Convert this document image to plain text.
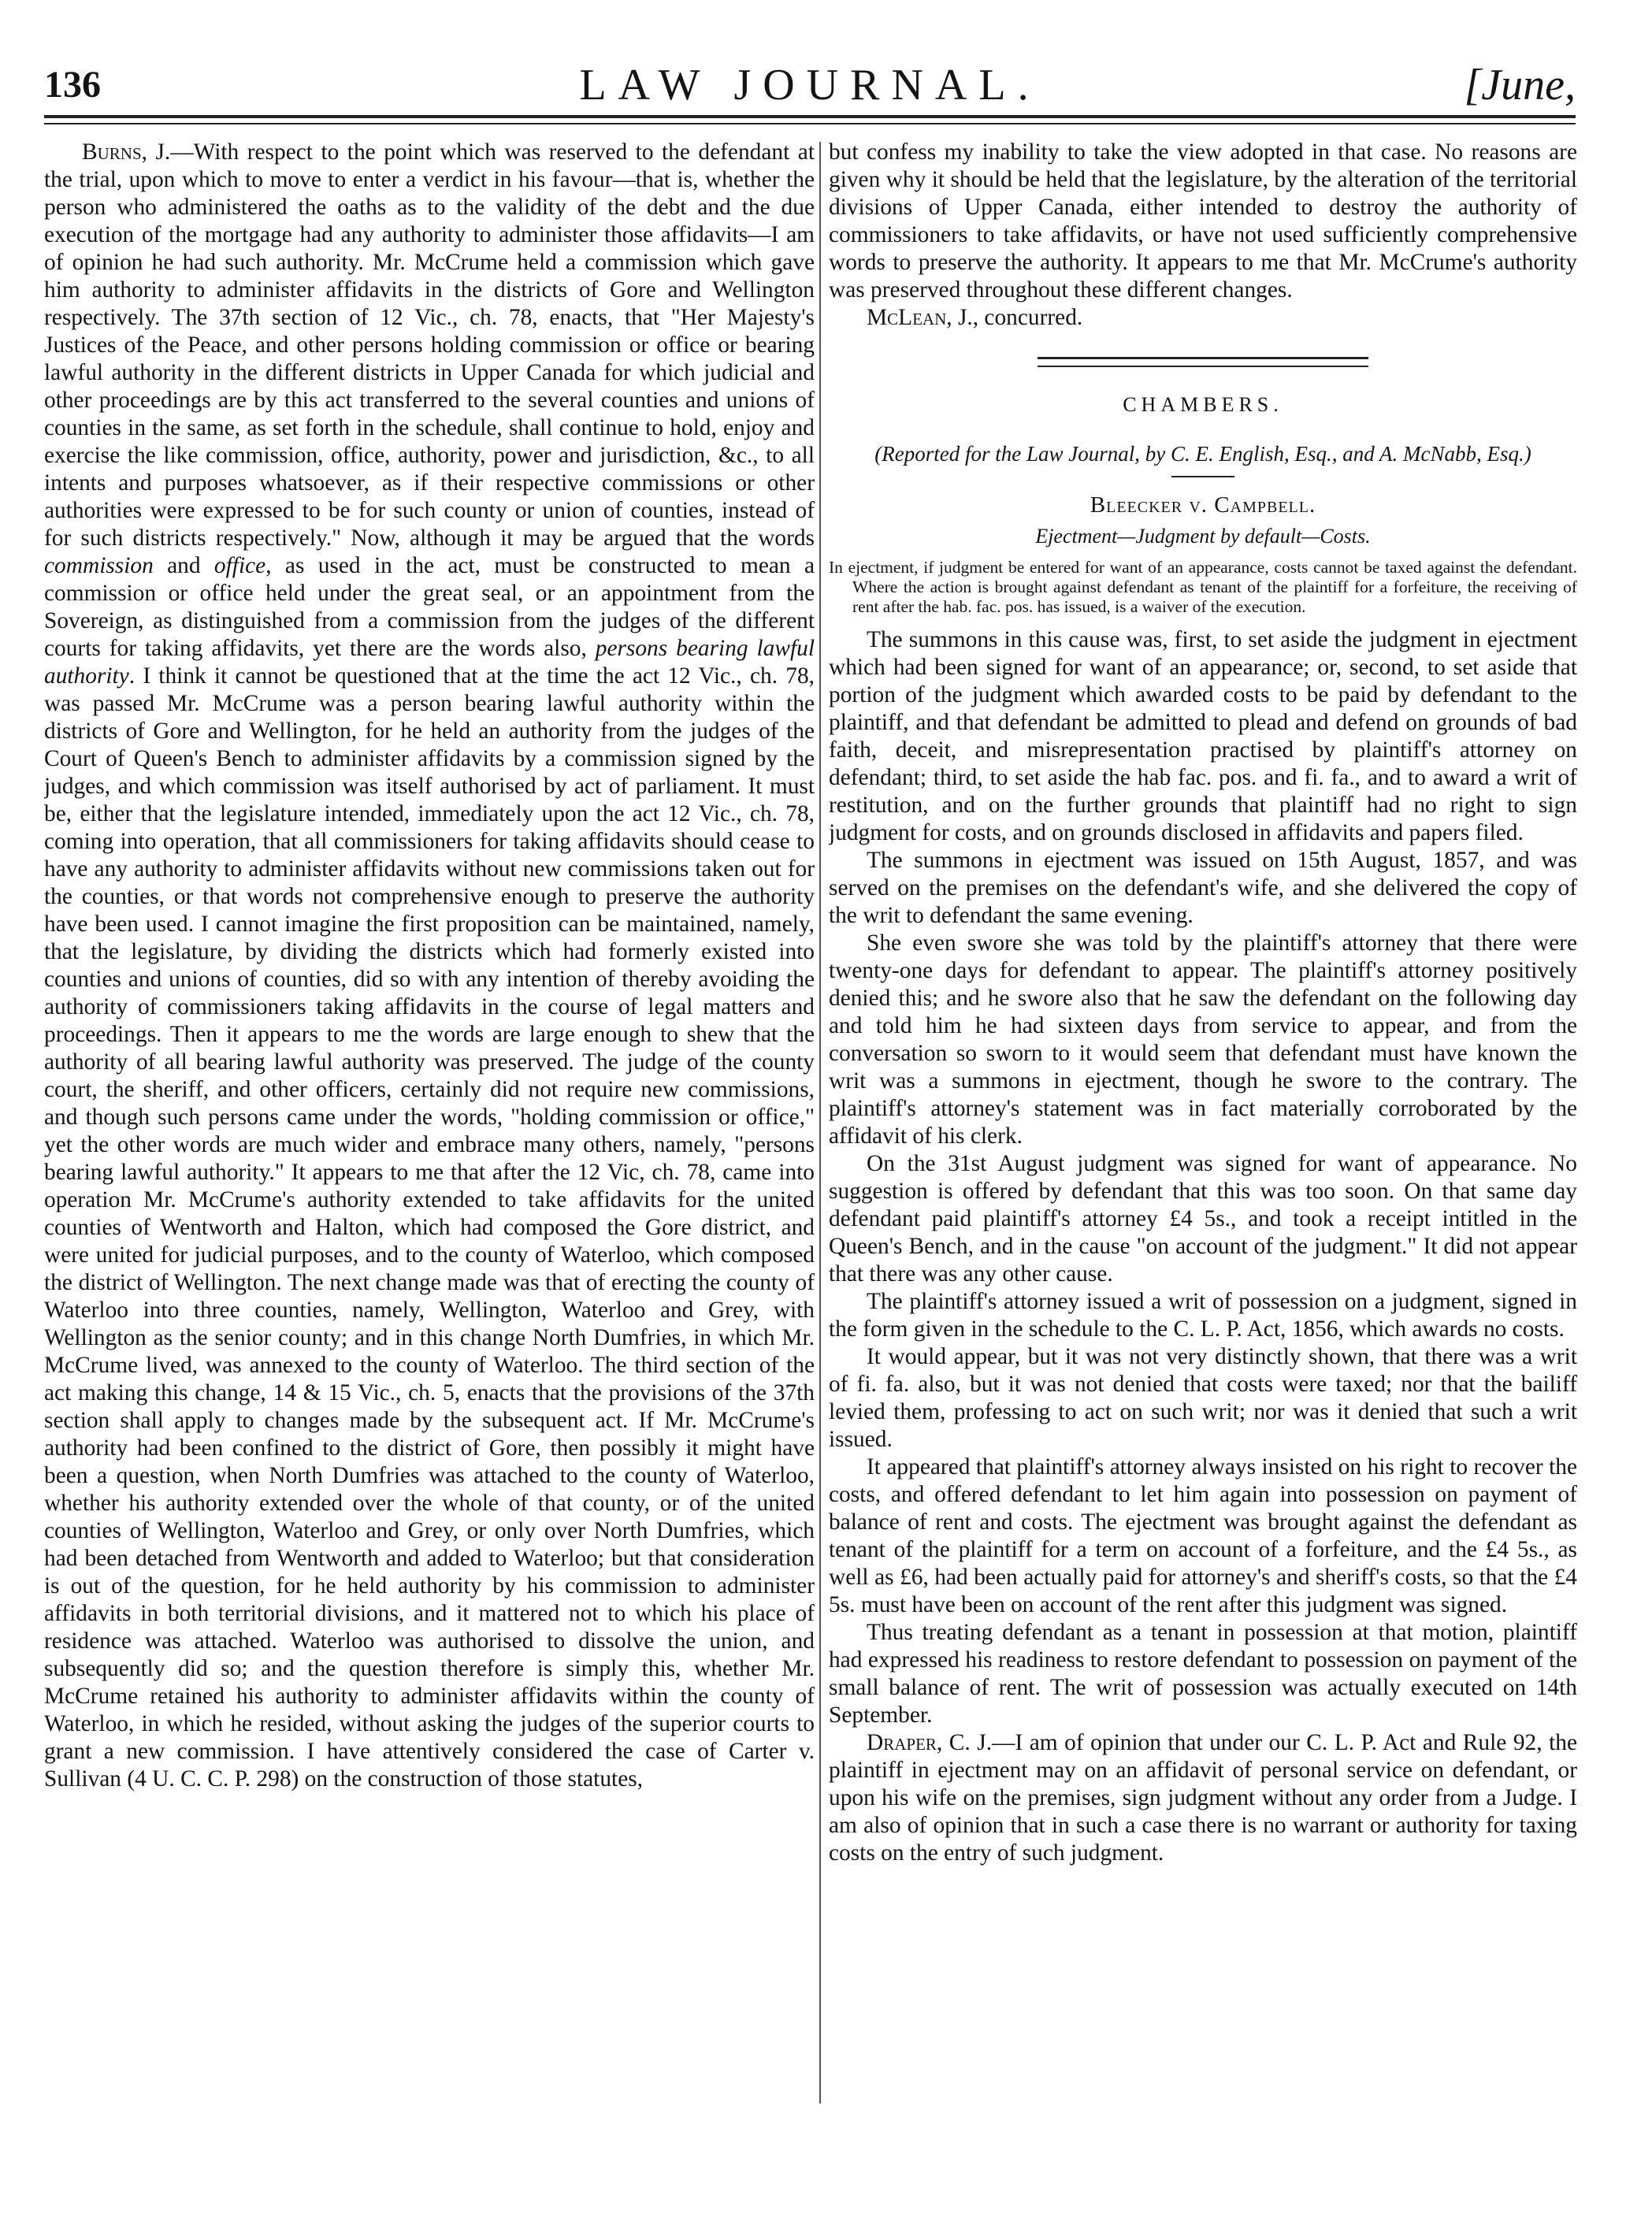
136	LAW JOURNAL.	[June,

Burns, J.—With respect to the point which was reserved to the defendant at the trial, upon which to move to enter a verdict in his favour—that is, whether the person who administered the oaths as to the validity of the debt and the due execution of the mortgage had any authority to administer those affidavits—I am of opinion he had such authority. Mr. McCrume held a commission which gave him authority to administer affidavits in the districts of Gore and Wellington respectively. The 37th section of 12 Vic., ch. 78, enacts, that "Her Majesty's Justices of the Peace, and other persons holding commission or office or bearing lawful authority in the different districts in Upper Canada for which judicial and other proceedings are by this act transferred to the several counties and unions of counties in the same, as set forth in the schedule, shall continue to hold, enjoy and exercise the like commission, office, authority, power and jurisdiction, &c., to all intents and purposes whatsoever, as if their respective commissions or other authorities were expressed to be for such county or union of counties, instead of for such districts respectively." Now, although it may be argued that the words commission and office, as used in the act, must be constructed to mean a commission or office held under the great seal, or an appointment from the Sovereign, as distinguished from a commission from the judges of the different courts for taking affidavits, yet there are the words also, persons bearing lawful authority. I think it cannot be questioned that at the time the act 12 Vic., ch. 78, was passed Mr. McCrume was a person bearing lawful authority within the districts of Gore and Wellington, for he held an authority from the judges of the Court of Queen's Bench to administer affidavits by a commission signed by the judges, and which commission was itself authorised by act of parliament. It must be, either that the legislature intended, immediately upon the act 12 Vic., ch. 78, coming into operation, that all commissioners for taking affidavits should cease to have any authority to administer affidavits without new commissions taken out for the counties, or that words not comprehensive enough to preserve the authority have been used. I cannot imagine the first proposition can be maintained, namely, that the legislature, by dividing the districts which had formerly existed into counties and unions of counties, did so with any intention of thereby avoiding the authority of commissioners taking affidavits in the course of legal matters and proceedings. Then it appears to me the words are large enough to shew that the authority of all bearing lawful authority was preserved. The judge of the county court, the sheriff, and other officers, certainly did not require new commissions, and though such persons came under the words, "holding commission or office," yet the other words are much wider and embrace many others, namely, "persons bearing lawful authority." It appears to me that after the 12 Vic, ch. 78, came into operation Mr. McCrume's authority extended to take affidavits for the united counties of Wentworth and Halton, which had composed the Gore district, and were united for judicial purposes, and to the county of Waterloo, which composed the district of Wellington. The next change made was that of erecting the county of Waterloo into three counties, namely, Wellington, Waterloo and Grey, with Wellington as the senior county; and in this change North Dumfries, in which Mr. McCrume lived, was annexed to the county of Waterloo. The third section of the act making this change, 14 & 15 Vic., ch. 5, enacts that the provisions of the 37th section shall apply to changes made by the subsequent act. If Mr. McCrume's authority had been confined to the district of Gore, then possibly it might have been a question, when North Dumfries was attached to the county of Waterloo, whether his authority extended over the whole of that county, or of the united counties of Wellington, Waterloo and Grey, or only over North Dumfries, which had been detached from Wentworth and added to Waterloo; but that consideration is out of the question, for he held authority by his commission to administer affidavits in both territorial divisions, and it mattered not to which his place of residence was attached. Waterloo was authorised to dissolve the union, and subsequently did so; and the question therefore is simply this, whether Mr. McCrume retained his authority to administer affidavits within the county of Waterloo, in which he resided, without asking the judges of the superior courts to grant a new commission. I have attentively considered the case of Carter v. Sullivan (4 U. C. C. P. 298) on the construction of those statutes,

but confess my inability to take the view adopted in that case. No reasons are given why it should be held that the legislature, by the alteration of the territorial divisions of Upper Canada, either intended to destroy the authority of commissioners to take affidavits, or have not used sufficiently comprehensive words to preserve the authority. It appears to me that Mr. McCrume's authority was preserved throughout these different changes.

McLean, J., concurred.

CHAMBERS.
(Reported for the Law Journal, by C. E. English, Esq., and A. McNabb, Esq.)
Bleecker v. Campbell.
Ejectment—Judgment by default—Costs.
In ejectment, if judgment be entered for want of an appearance, costs cannot be taxed against the defendant. Where the action is brought against defendant as tenant of the plaintiff for a forfeiture, the receiving of rent after the hab. fac. pos. has issued, is a waiver of the execution.

The summons in this cause was, first, to set aside the judgment in ejectment which had been signed for want of an appearance; or, second, to set aside that portion of the judgment which awarded costs to be paid by defendant to the plaintiff, and that defendant be admitted to plead and defend on grounds of bad faith, deceit, and misrepresentation practised by plaintiff's attorney on defendant; third, to set aside the hab fac. pos. and fi. fa., and to award a writ of restitution, and on the further grounds that plaintiff had no right to sign judgment for costs, and on grounds disclosed in affidavits and papers filed.

The summons in ejectment was issued on 15th August, 1857, and was served on the premises on the defendant's wife, and she delivered the copy of the writ to defendant the same evening.

She even swore she was told by the plaintiff's attorney that there were twenty-one days for defendant to appear. The plaintiff's attorney positively denied this; and he swore also that he saw the defendant on the following day and told him he had sixteen days from service to appear, and from the conversation so sworn to it would seem that defendant must have known the writ was a summons in ejectment, though he swore to the contrary. The plaintiff's attorney's statement was in fact materially corroborated by the affidavit of his clerk.

On the 31st August judgment was signed for want of appearance. No suggestion is offered by defendant that this was too soon. On that same day defendant paid plaintiff's attorney £4 5s., and took a receipt intitled in the Queen's Bench, and in the cause "on account of the judgment." It did not appear that there was any other cause.

The plaintiff's attorney issued a writ of possession on a judgment, signed in the form given in the schedule to the C. L. P. Act, 1856, which awards no costs.

It would appear, but it was not very distinctly shown, that there was a writ of fi. fa. also, but it was not denied that costs were taxed; nor that the bailiff levied them, professing to act on such writ; nor was it denied that such a writ issued.

It appeared that plaintiff's attorney always insisted on his right to recover the costs, and offered defendant to let him again into possession on payment of balance of rent and costs. The ejectment was brought against the defendant as tenant of the plaintiff for a term on account of a forfeiture, and the £4 5s., as well as £6, had been actually paid for attorney's and sheriff's costs, so that the £4 5s. must have been on account of the rent after this judgment was signed.

Thus treating defendant as a tenant in possession at that motion, plaintiff had expressed his readiness to restore defendant to possession on payment of the small balance of rent. The writ of possession was actually executed on 14th September.

Draper, C. J.—I am of opinion that under our C. L. P. Act and Rule 92, the plaintiff in ejectment may on an affidavit of personal service on defendant, or upon his wife on the premises, sign judgment without any order from a Judge. I am also of opinion that in such a case there is no warrant or authority for taxing costs on the entry of such judgment.
